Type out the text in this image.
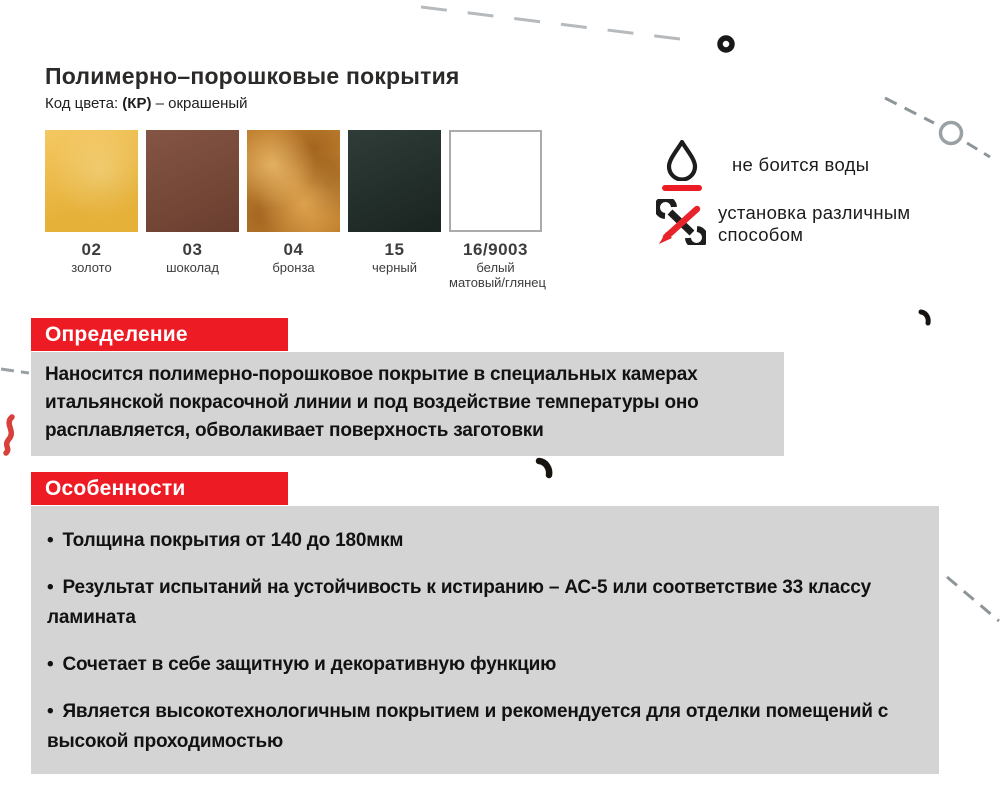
Полимерно–порошковые покрытия
Код цвета: (КР) – окрашеный
02
золото
03
шоколад
04
бронза
15
черный
16/9003
белый
матовый/глянец
не боится воды
установка различным способом
Определение

Наносится полимерно-порошковое покрытие в специальных камерах итальянской покрасочной линии и под воздействие температуры оно расплавляется, обволакивает поверхность заготовки

Особенности
• Толщина покрытия от 140 до 180мкм
• Результат испытаний на устойчивость к истиранию – АС-5 или соответствие 33 классу ламината
• Сочетает в себе защитную и декоративную функцию
• Является высокотехнологичным покрытием и рекомендуется для отделки помещений с высокой проходимостью
